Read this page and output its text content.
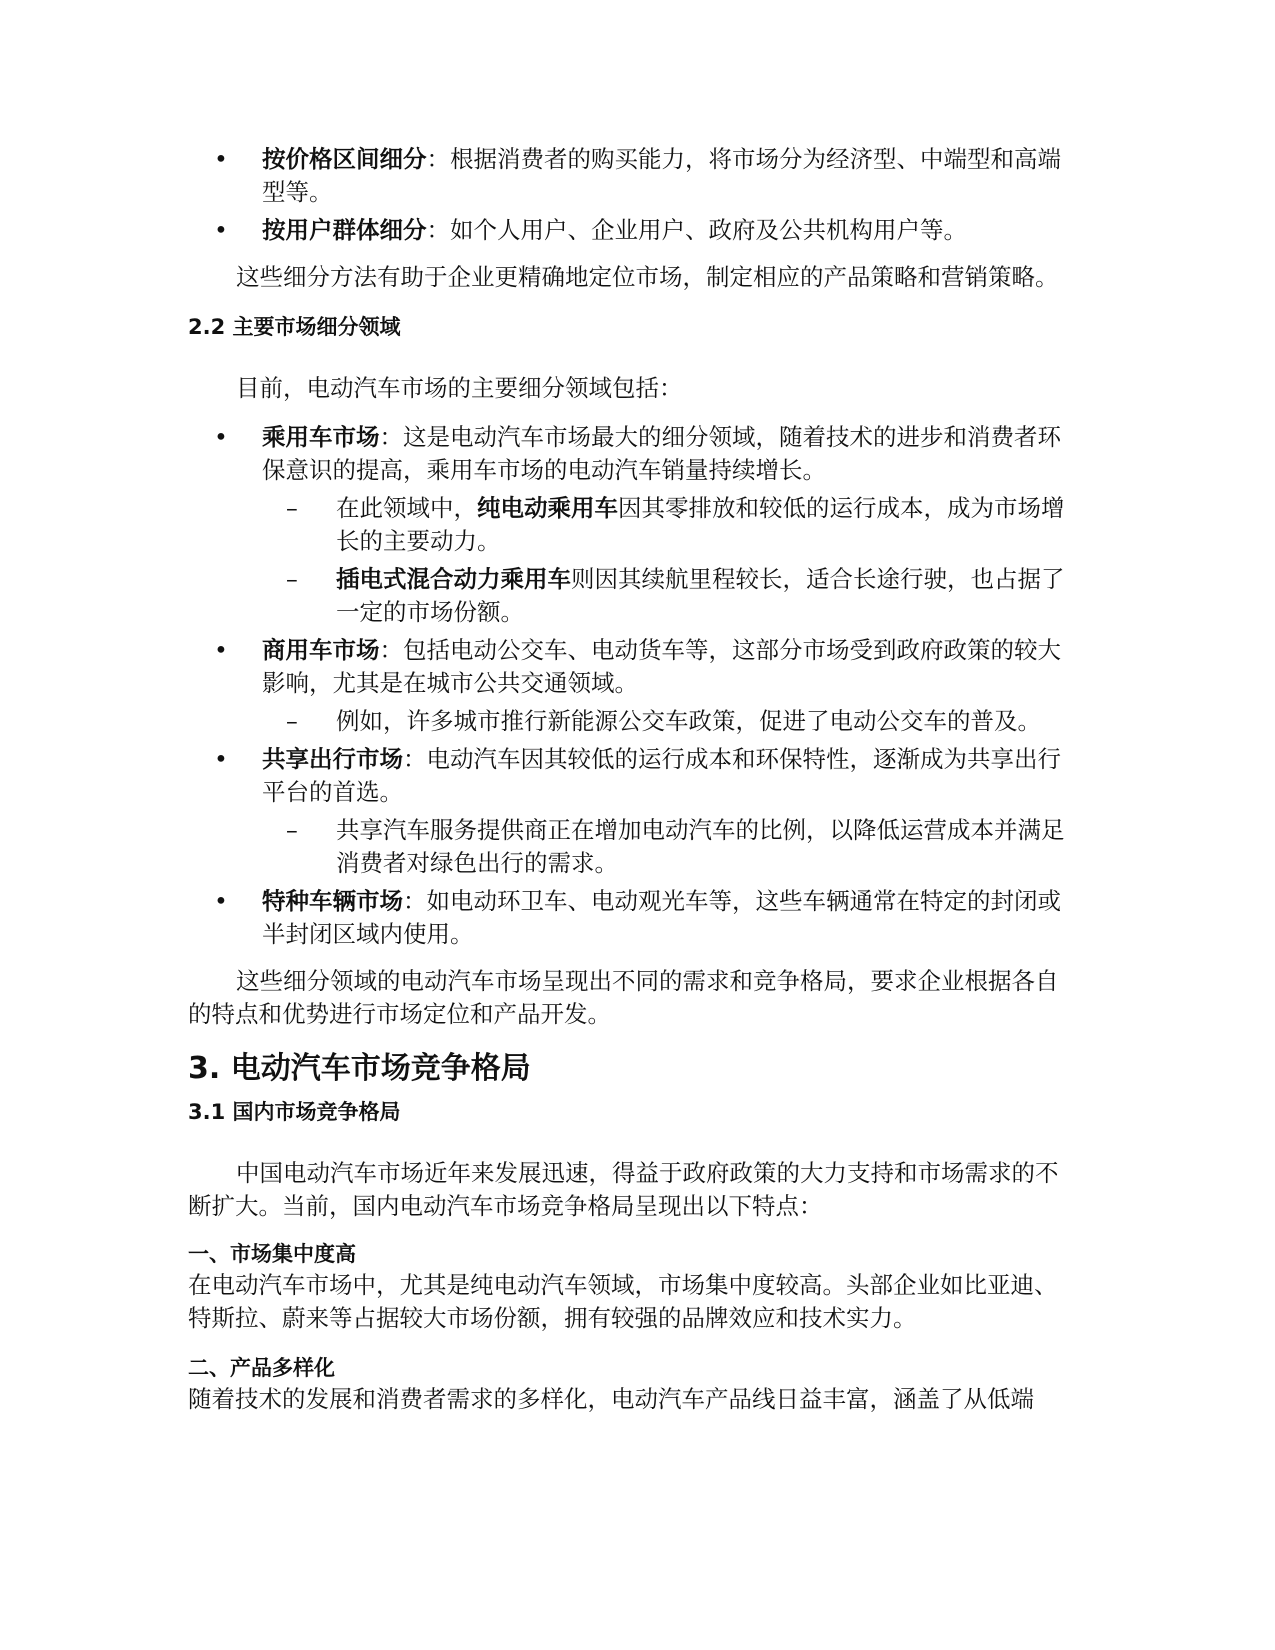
• 按价格区间细分：根据消费者的购买能力，将市场分为经济型、中端型和高端型等。
• 按用户群体细分：如个人用户、企业用户、政府及公共机构用户等。

这些细分方法有助于企业更精确地定位市场，制定相应的产品策略和营销策略。

2.2 主要市场细分领域

目前，电动汽车市场的主要细分领域包括：

• 乘用车市场：这是电动汽车市场最大的细分领域，随着技术的进步和消费者环保意识的提高，乘用车市场的电动汽车销量持续增长。
– 在此领域中，纯电动乘用车因其零排放和较低的运行成本，成为市场增长的主要动力。
– 插电式混合动力乘用车则因其续航里程较长，适合长途行驶，也占据了一定的市场份额。
• 商用车市场：包括电动公交车、电动货车等，这部分市场受到政府政策的较大影响，尤其是在城市公共交通领域。
– 例如，许多城市推行新能源公交车政策，促进了电动公交车的普及。
• 共享出行市场：电动汽车因其较低的运行成本和环保特性，逐渐成为共享出行平台的首选。
– 共享汽车服务提供商正在增加电动汽车的比例，以降低运营成本并满足消费者对绿色出行的需求。
• 特种车辆市场：如电动环卫车、电动观光车等，这些车辆通常在特定的封闭或半封闭区域内使用。

这些细分领域的电动汽车市场呈现出不同的需求和竞争格局，要求企业根据各自的特点和优势进行市场定位和产品开发。

3. 电动汽车市场竞争格局
3.1 国内市场竞争格局

中国电动汽车市场近年来发展迅速，得益于政府政策的大力支持和市场需求的不断扩大。当前，国内电动汽车市场竞争格局呈现出以下特点：

一、市场集中度高

在电动汽车市场中，尤其是纯电动汽车领域，市场集中度较高。头部企业如比亚迪、特斯拉、蔚来等占据较大市场份额，拥有较强的品牌效应和技术实力。

二、产品多样化

随着技术的发展和消费者需求的多样化，电动汽车产品线日益丰富，涵盖了从低端
